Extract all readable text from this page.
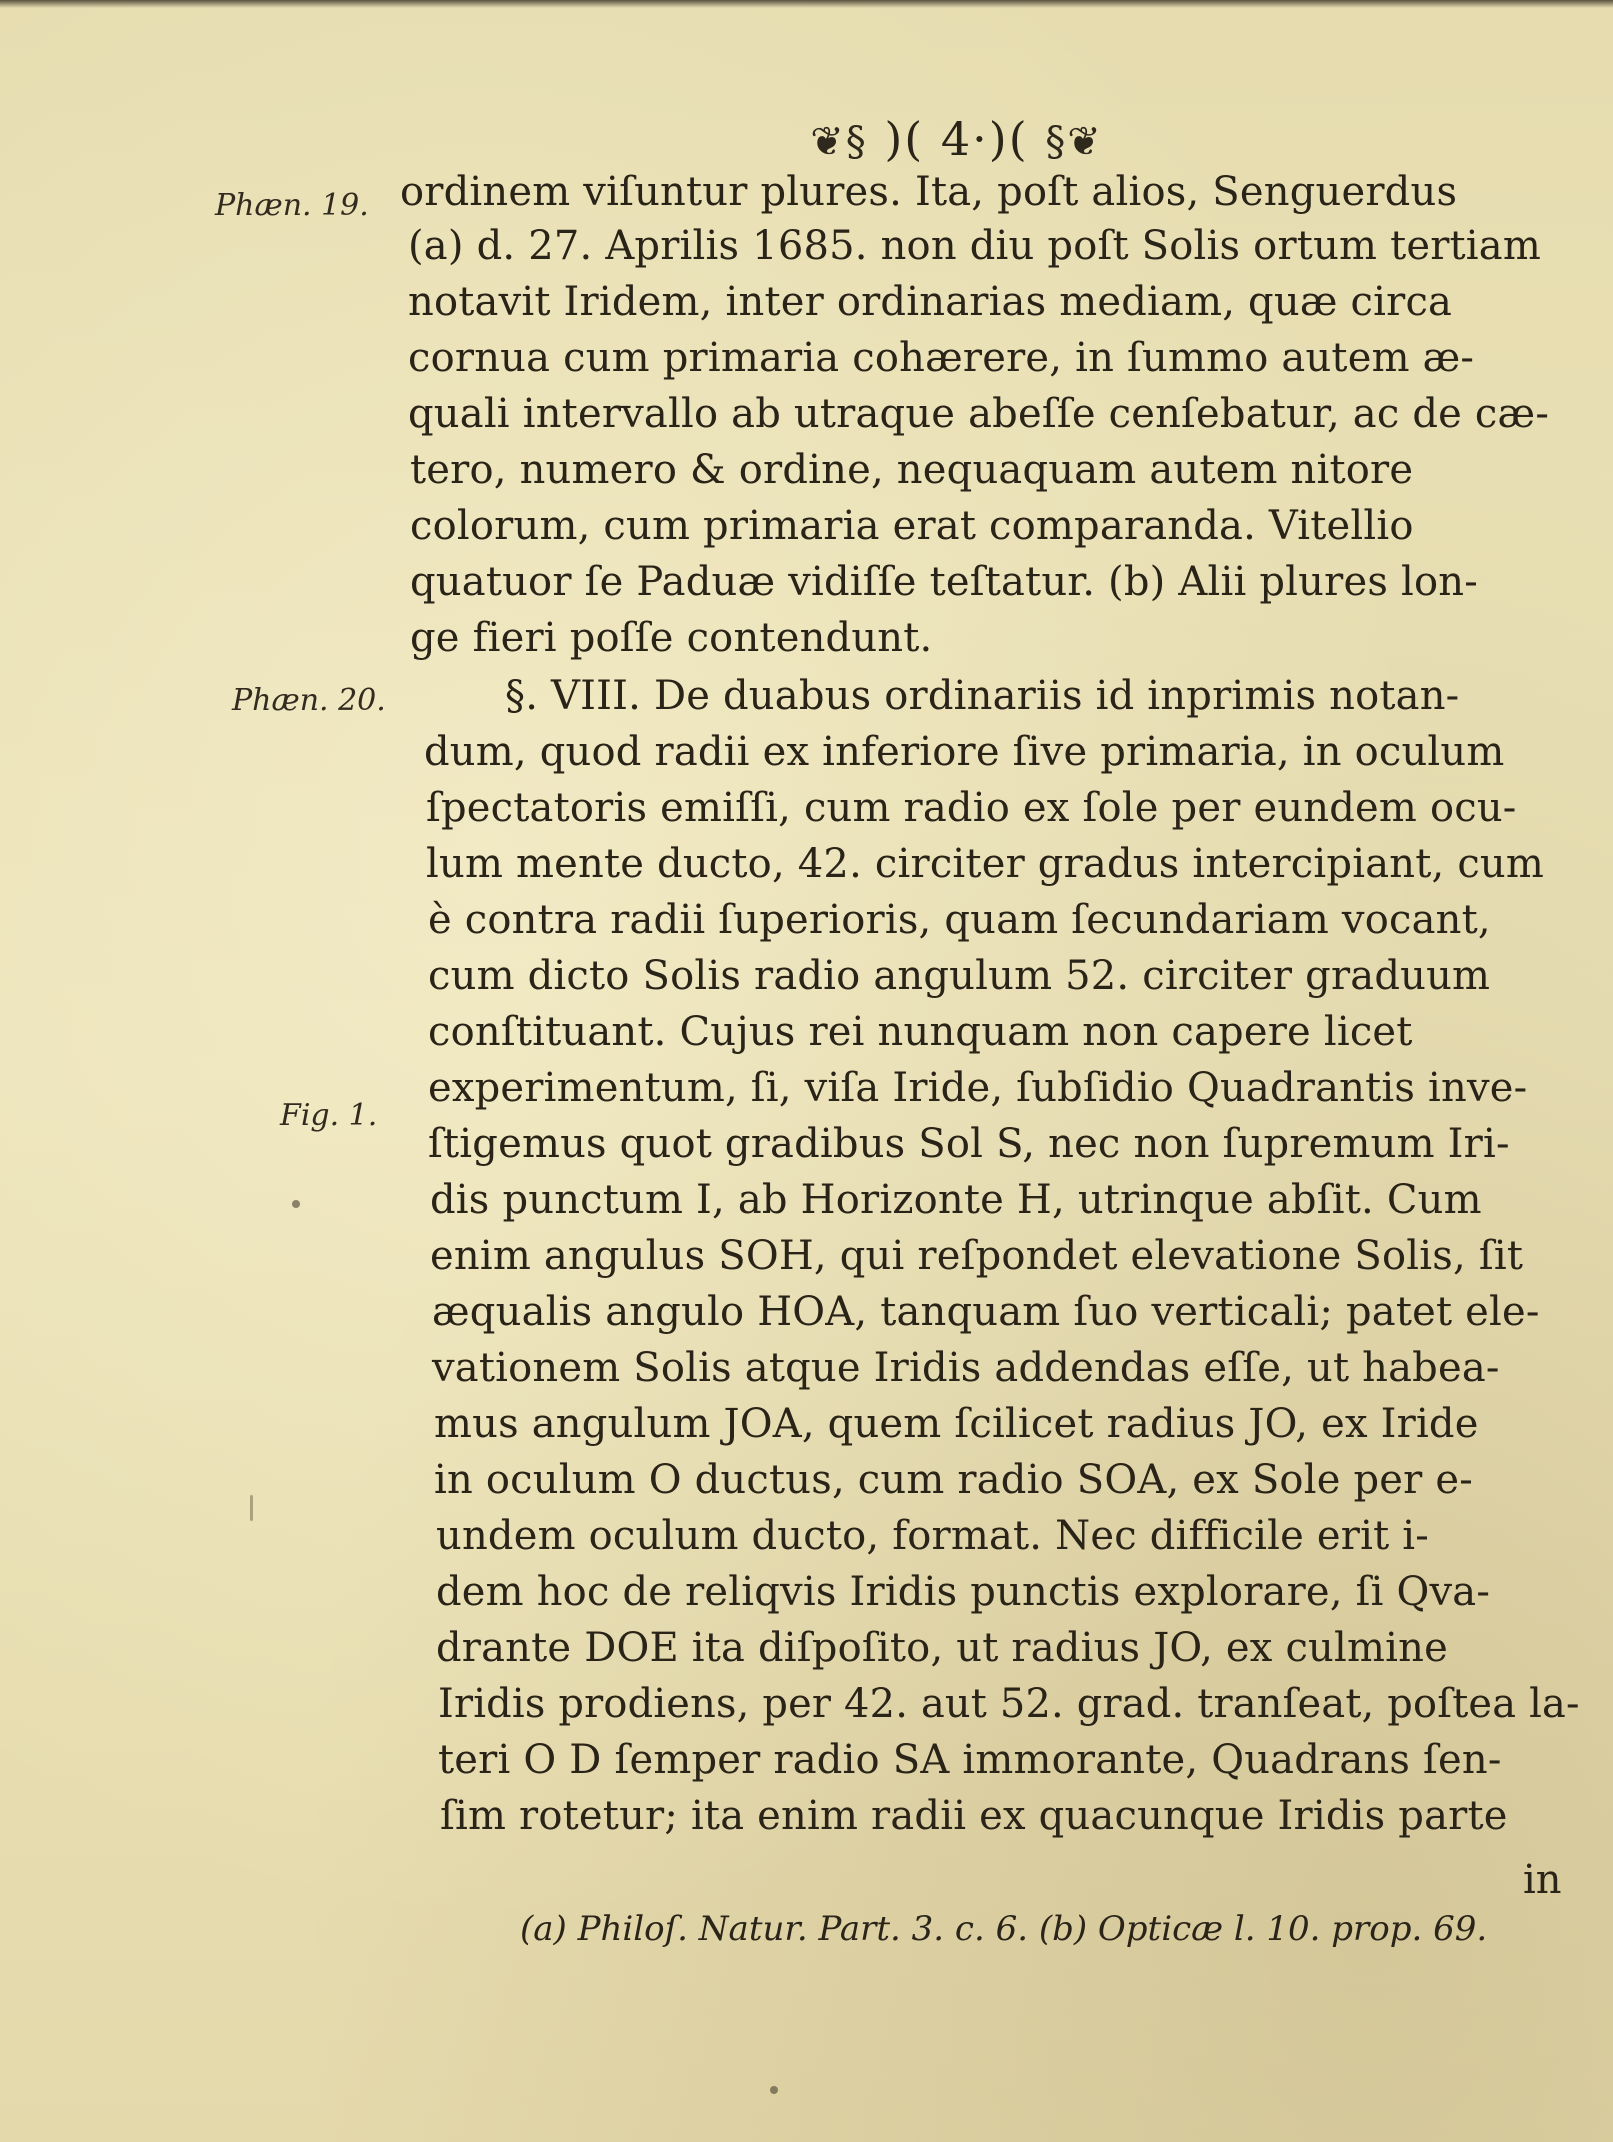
❦§ )( 4·)( §❦
Phæn. 19.
Phæn. 20.
Fig. 1.
ordinem viſuntur plures. Ita, poſt alios, Senguerdus
(a) d. 27. Aprilis 1685. non diu poſt Solis ortum tertiam
notavit Iridem, inter ordinarias mediam, quæ circa
cornua cum primaria cohærere, in ſummo autem æ-
quali intervallo ab utraque abeſſe cenſebatur, ac de cæ-
tero, numero & ordine, nequaquam autem nitore
colorum, cum primaria erat comparanda. Vitellio
quatuor ſe Paduæ vidiſſe teſtatur. (b) Alii plures lon-
ge fieri poſſe contendunt.
§. VIII. De duabus ordinariis id inprimis notan-
dum, quod radii ex inferiore ſive primaria, in oculum
ſpectatoris emiſſi, cum radio ex ſole per eundem ocu-
lum mente ducto, 42. circiter gradus intercipiant, cum
è contra radii ſuperioris, quam ſecundariam vocant,
cum dicto Solis radio angulum 52. circiter graduum
conſtituant. Cujus rei nunquam non capere licet
experimentum, ſi, viſa Iride, ſubſidio Quadrantis inve-
ſtigemus quot gradibus Sol S, nec non ſupremum Iri-
dis punctum I, ab Horizonte H, utrinque abſit. Cum
enim angulus SOH, qui reſpondet elevatione Solis, ſit
æqualis angulo HOA, tanquam ſuo verticali; patet ele-
vationem Solis atque Iridis addendas eſſe, ut habea-
mus angulum JOA, quem ſcilicet radius JO, ex Iride
in oculum O ductus, cum radio SOA, ex Sole per e-
undem oculum ducto, format. Nec difficile erit i-
dem hoc de reliqvis Iridis punctis explorare, ſi Qva-
drante DOE ita diſpoſito, ut radius JO, ex culmine
Iridis prodiens, per 42. aut 52. grad. tranſeat, poſtea la-
teri O D ſemper radio SA immorante, Quadrans ſen-
ſim rotetur; ita enim radii ex quacunque Iridis parte
in
(a) Philoſ. Natur. Part. 3. c. 6. (b) Opticæ l. 10. prop. 69.
